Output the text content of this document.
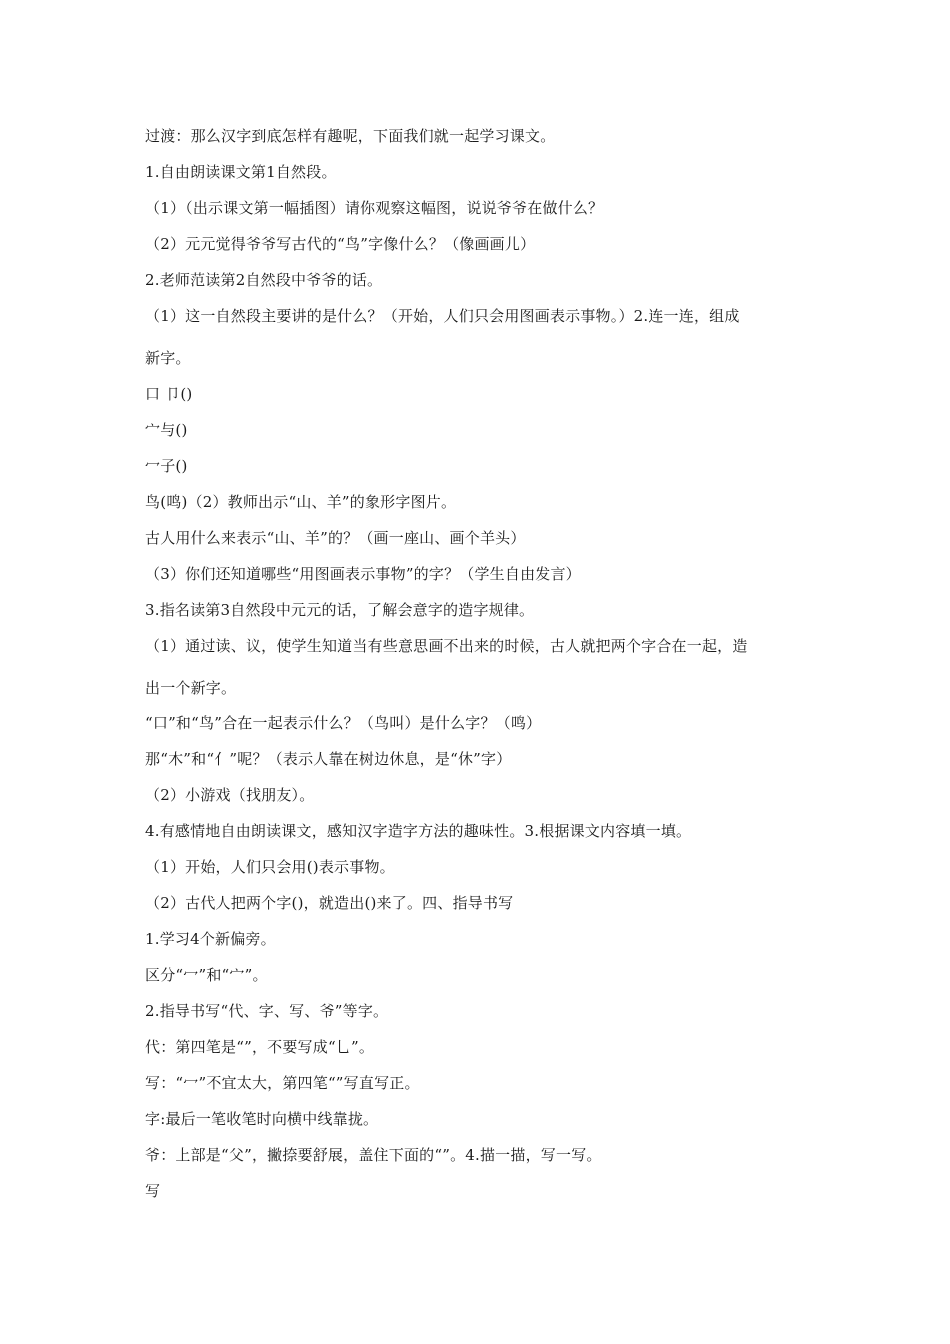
过渡：那么汉字到底怎样有趣呢，下面我们就一起学习课文。
1.自由朗读课文第1自然段。
（1）（出示课文第一幅插图）请你观察这幅图，说说爷爷在做什么？
（2）元元觉得爷爷写古代的“鸟”字像什么？（像画画儿）
2.老师范读第2自然段中爷爷的话。
（1）这一自然段主要讲的是什么？（开始，人们只会用图画表示事物。）2.连一连，组成
新字。
口 卩()
宀与()
冖子()
鸟(鸣)（2）教师出示“山、羊”的象形字图片。
古人用什么来表示“山、羊”的？（画一座山、画个羊头）
（3）你们还知道哪些“用图画表示事物”的字？（学生自由发言）
3.指名读第3自然段中元元的话，了解会意字的造字规律。
（1）通过读、议，使学生知道当有些意思画不出来的时候，古人就把两个字合在一起，造
出一个新字。
“口”和“鸟”合在一起表示什么？（鸟叫）是什么字？（鸣）
那“木”和“亻”呢？（表示人靠在树边休息，是“休”字）
（2）小游戏（找朋友）。
4.有感情地自由朗读课文，感知汉字造字方法的趣味性。3.根据课文内容填一填。
（1）开始，人们只会用()表示事物。
（2）古代人把两个字()，就造出()来了。四、指导书写
1.学习4个新偏旁。
区分“冖”和“宀”。
2.指导书写“代、字、写、爷”等字。
代：第四笔是“”，不要写成“乚”。
写：“冖”不宜太大，第四笔“”写直写正。
字:最后一笔收笔时向横中线靠拢。
爷：上部是“父”，撇捺要舒展，盖住下面的“”。4.描一描，写一写。
写
